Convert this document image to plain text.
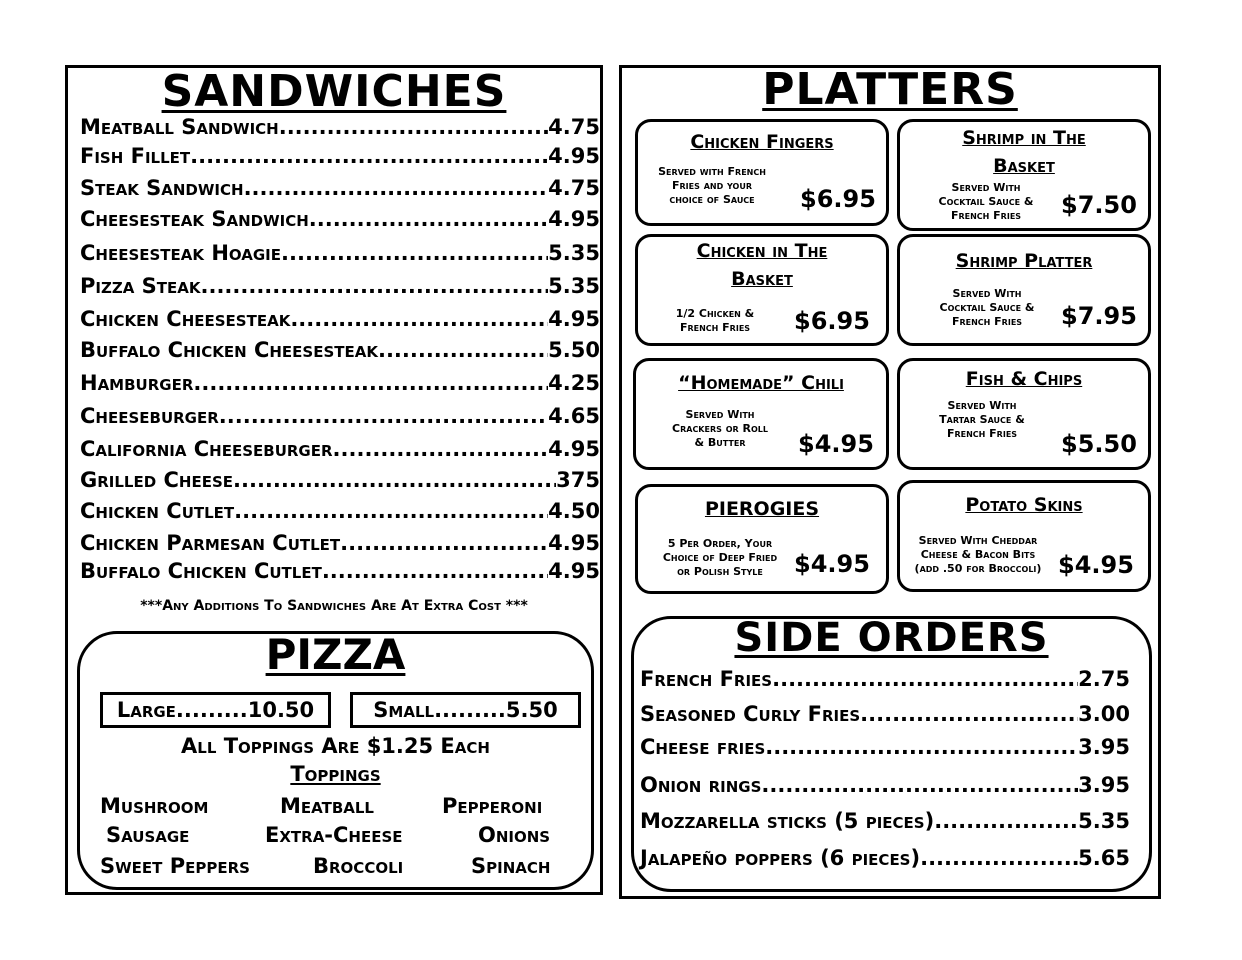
SANDWICHES
Meatball Sandwich .....	4.75
Fish Fillet .....	4.95
Steak Sandwich .....	4.75
Cheesesteak Sandwich .....	4.95
Cheesesteak Hoagie .....	5.35
Pizza Steak .....	5.35
Chicken Cheesesteak .....	4.95
Buffalo Chicken Cheesesteak .....	5.50
Hamburger .....	4.25
Cheeseburger .....	4.65
California Cheeseburger .....	4.95
Grilled Cheese .....	375
Chicken Cutlet .....	4.50
Chicken Parmesan Cutlet .....	4.95
Buffalo Chicken Cutlet .....	4.95
***Any Additions To Sandwiches Are At Extra Cost ***
PIZZA
Large.........10.50	Small.........5.50
All Toppings Are $1.25 Each
Toppings
Mushroom	Meatball	Pepperoni
Sausage	Extra-Cheese	Onions
Sweet Peppers	Broccoli	Spinach
PLATTERS
Chicken Fingers
Served with French
Fries and your
choice of Sauce	$6.95
Shrimp in The
Basket
Served With
Cocktail Sauce &
French Fries	$7.50
Chicken in The
Basket
1/2 Chicken &
French Fries	$6.95
Shrimp Platter
Served With
Cocktail Sauce &
French Fries	$7.95
“Homemade” Chili
Served With
Crackers or Roll
& Butter	$4.95
Fish & Chips
Served With
Tartar Sauce &
French Fries	$5.50
PIEROGIES
5 Per Order, Your
Choice of Deep Fried
or Polish Style	$4.95
Potato Skins
Served With Cheddar
Cheese & Bacon Bits
(add .50 for Broccoli) $4.95
SIDE ORDERS
French Fries .....	2.75
Seasoned Curly Fries .....	3.00
Cheese fries .....	3.95
Onion rings .....	3.95
Mozzarella sticks (5 pieces) .....	5.35
Jalapeño poppers (6 pieces) .....	5.65
